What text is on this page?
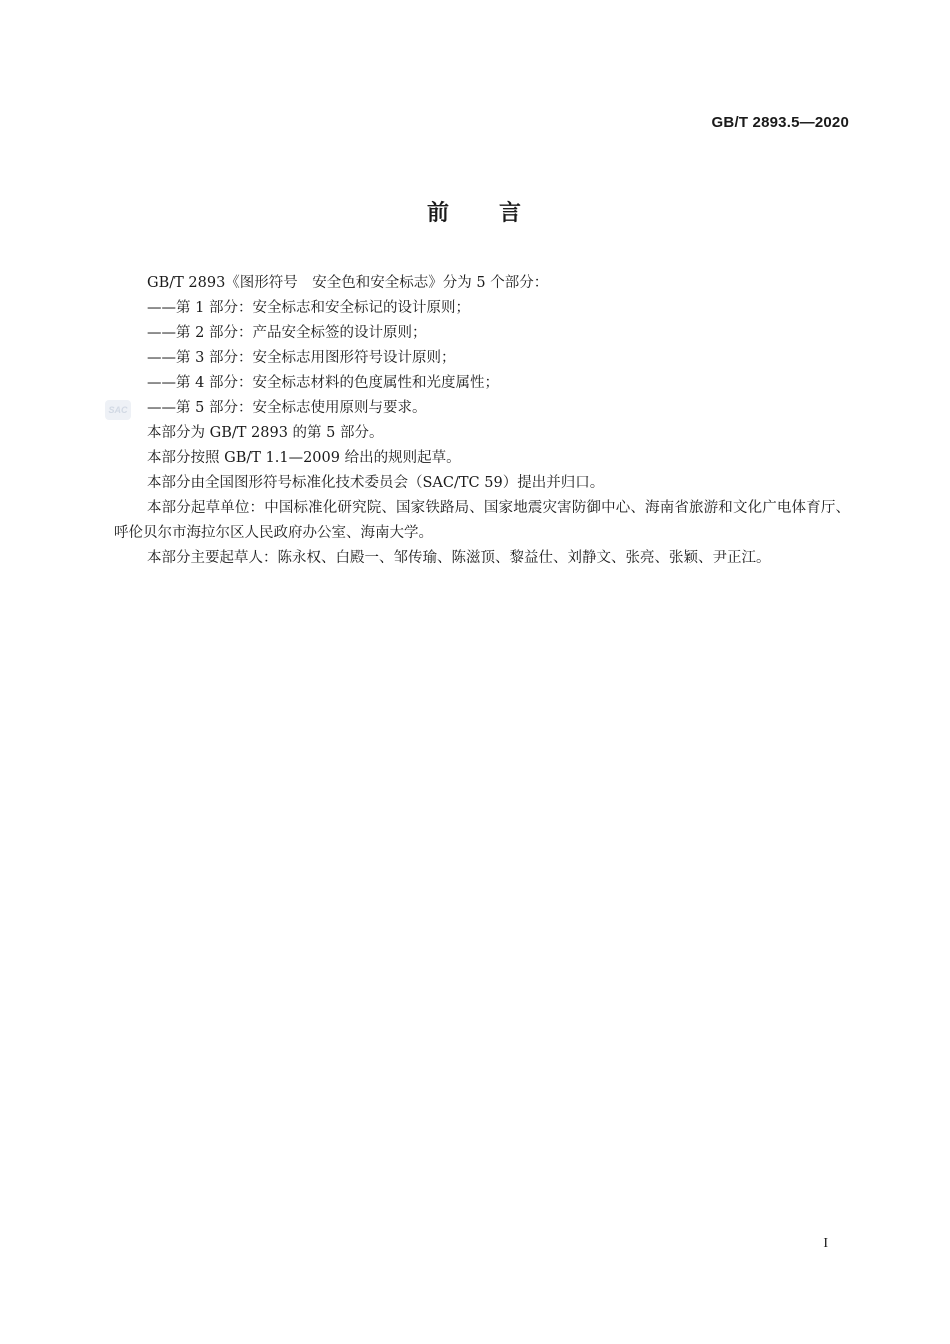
GB/T 2893.5—2020
前　　言
SAC

GB/T 2893《图形符号　安全色和安全标志》分为 5 个部分：

——第 1 部分：安全标志和安全标记的设计原则；

——第 2 部分：产品安全标签的设计原则；

——第 3 部分：安全标志用图形符号设计原则；

——第 4 部分：安全标志材料的色度属性和光度属性；

——第 5 部分：安全标志使用原则与要求。

本部分为 GB/T 2893 的第 5 部分。

本部分按照 GB/T 1.1—2009 给出的规则起草。

本部分由全国图形符号标准化技术委员会（SAC/TC 59）提出并归口。

本部分起草单位：中国标准化研究院、国家铁路局、国家地震灾害防御中心、海南省旅游和文化广电体育厅、呼伦贝尔市海拉尔区人民政府办公室、海南大学。

本部分主要起草人：陈永权、白殿一、邹传瑜、陈滋顶、黎益仕、刘静文、张亮、张颖、尹正江。

I
